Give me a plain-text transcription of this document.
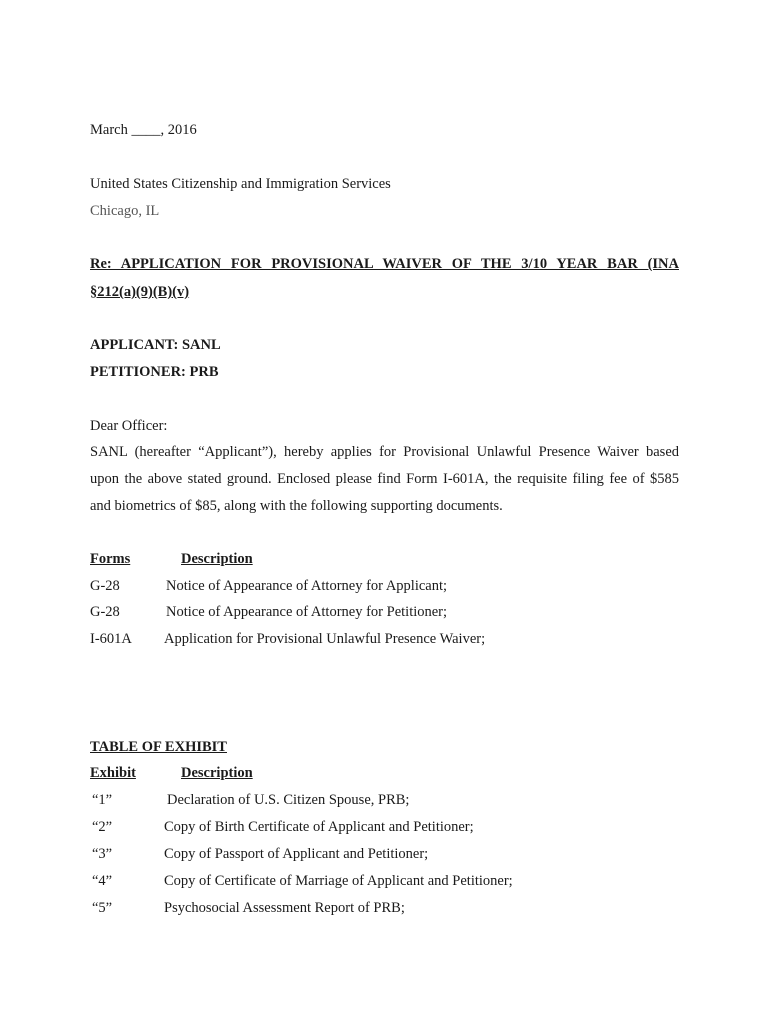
March ____, 2016
United States Citizenship and Immigration Services
Chicago, IL
Re: APPLICATION FOR PROVISIONAL WAIVER OF THE 3/10 YEAR BAR (INA
§212(a)(9)(B)(v)
APPLICANT: SANL
PETITIONER: PRB
Dear Officer:
SANL (hereafter “Applicant”), hereby applies for Provisional Unlawful Presence Waiver based
upon the above stated ground. Enclosed please find Form I-601A, the requisite filing fee of $585
and biometrics of $85, along with the following supporting documents.
Forms	Description
G-28	Notice of Appearance of Attorney for Applicant;
G-28	Notice of Appearance of Attorney for Petitioner;
I-601A Application for Provisional Unlawful Presence Waiver;
TABLE OF EXHIBIT
Exhibit	Description
“1”	Declaration of U.S. Citizen Spouse, PRB;
“2”	Copy of Birth Certificate of Applicant and Petitioner;
“3”	Copy of Passport of Applicant and Petitioner;
“4”	Copy of Certificate of Marriage of Applicant and Petitioner;
“5”	Psychosocial Assessment Report of PRB;
